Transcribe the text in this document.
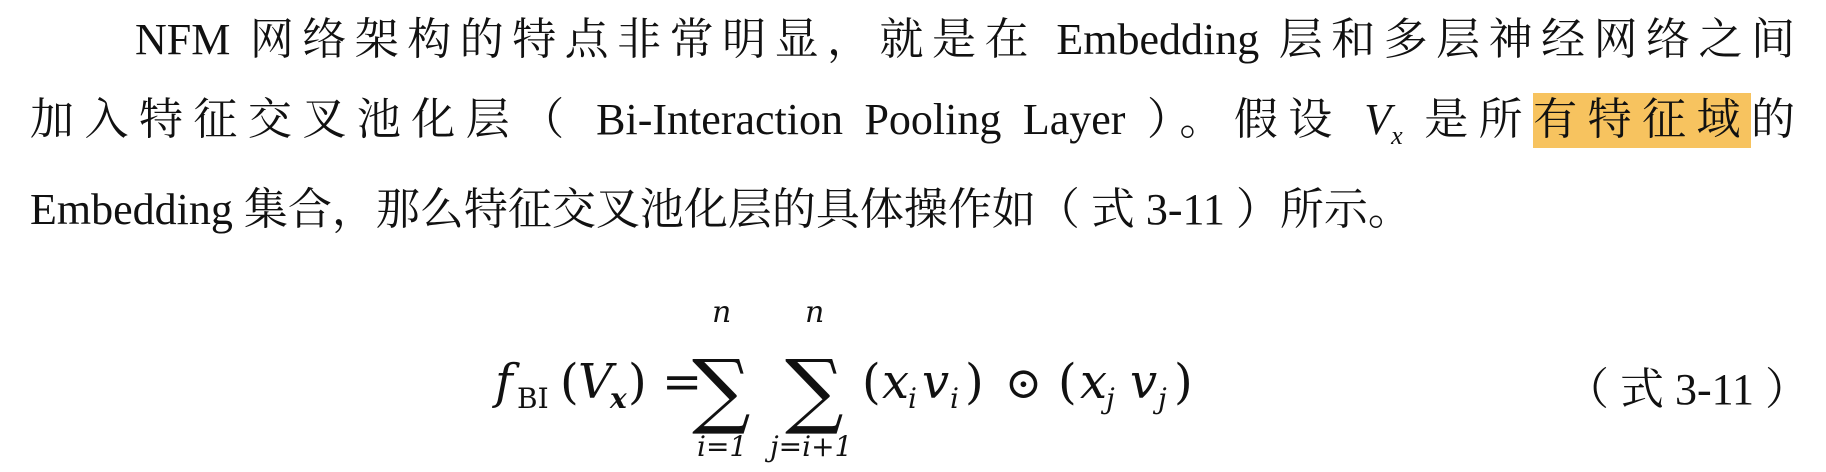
NFM 网络架构的特点非常明显，就是在 Embedding 层和多层神经网络之间
加入特征交叉池化层（ Bi-Interaction Pooling Layer ）。假设 $V_x$ 是所有特征域的
Embedding 集合，那么特征交叉池化层的具体操作如（ 式 3-11 ）所示。
f BI ( V
x ) =
n
∑
i=1
n
∑
j=i+1
( x
i v i ) ⊙ ( x
j v j )	（ 式 3-11 ）
